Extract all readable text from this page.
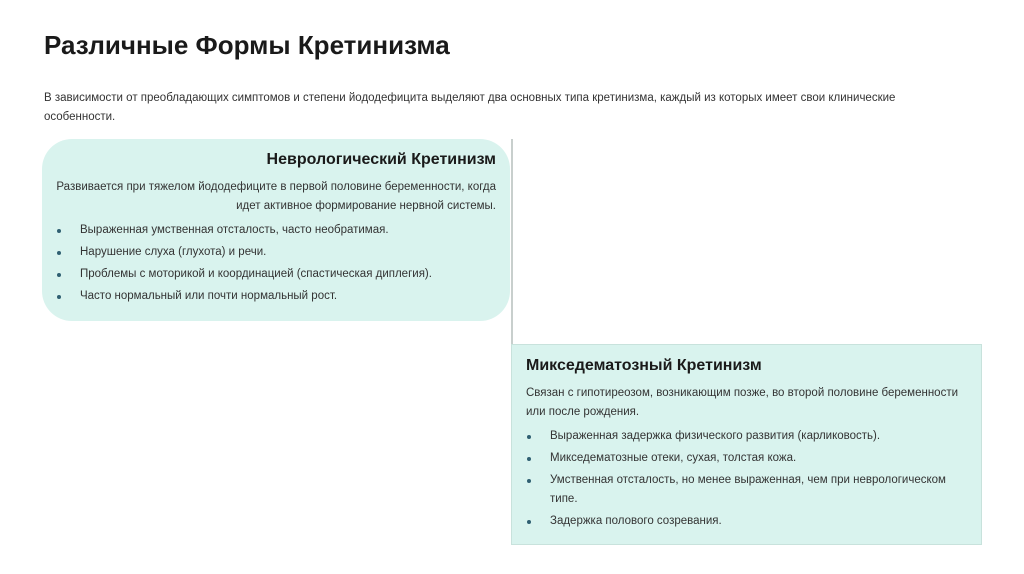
Различные Формы Кретинизма

В зависимости от преобладающих симптомов и степени йододефицита выделяют два основных типа кретинизма, каждый из которых имеет свои клинические особенности.

Неврологический Кретинизм

Развивается при тяжелом йододефиците в первой половине беременности, когда идет активное формирование нервной системы.

Выраженная умственная отсталость, часто необратимая.
Нарушение слуха (глухота) и речи.
Проблемы с моторикой и координацией (спастическая диплегия).
Часто нормальный или почти нормальный рост.
Микседематозный Кретинизм

Связан с гипотиреозом, возникающим позже, во второй половине беременности или после рождения.

Выраженная задержка физического развития (карликовость).
Микседематозные отеки, сухая, толстая кожа.
Умственная отсталость, но менее выраженная, чем при неврологическом типе.
Задержка полового созревания.
